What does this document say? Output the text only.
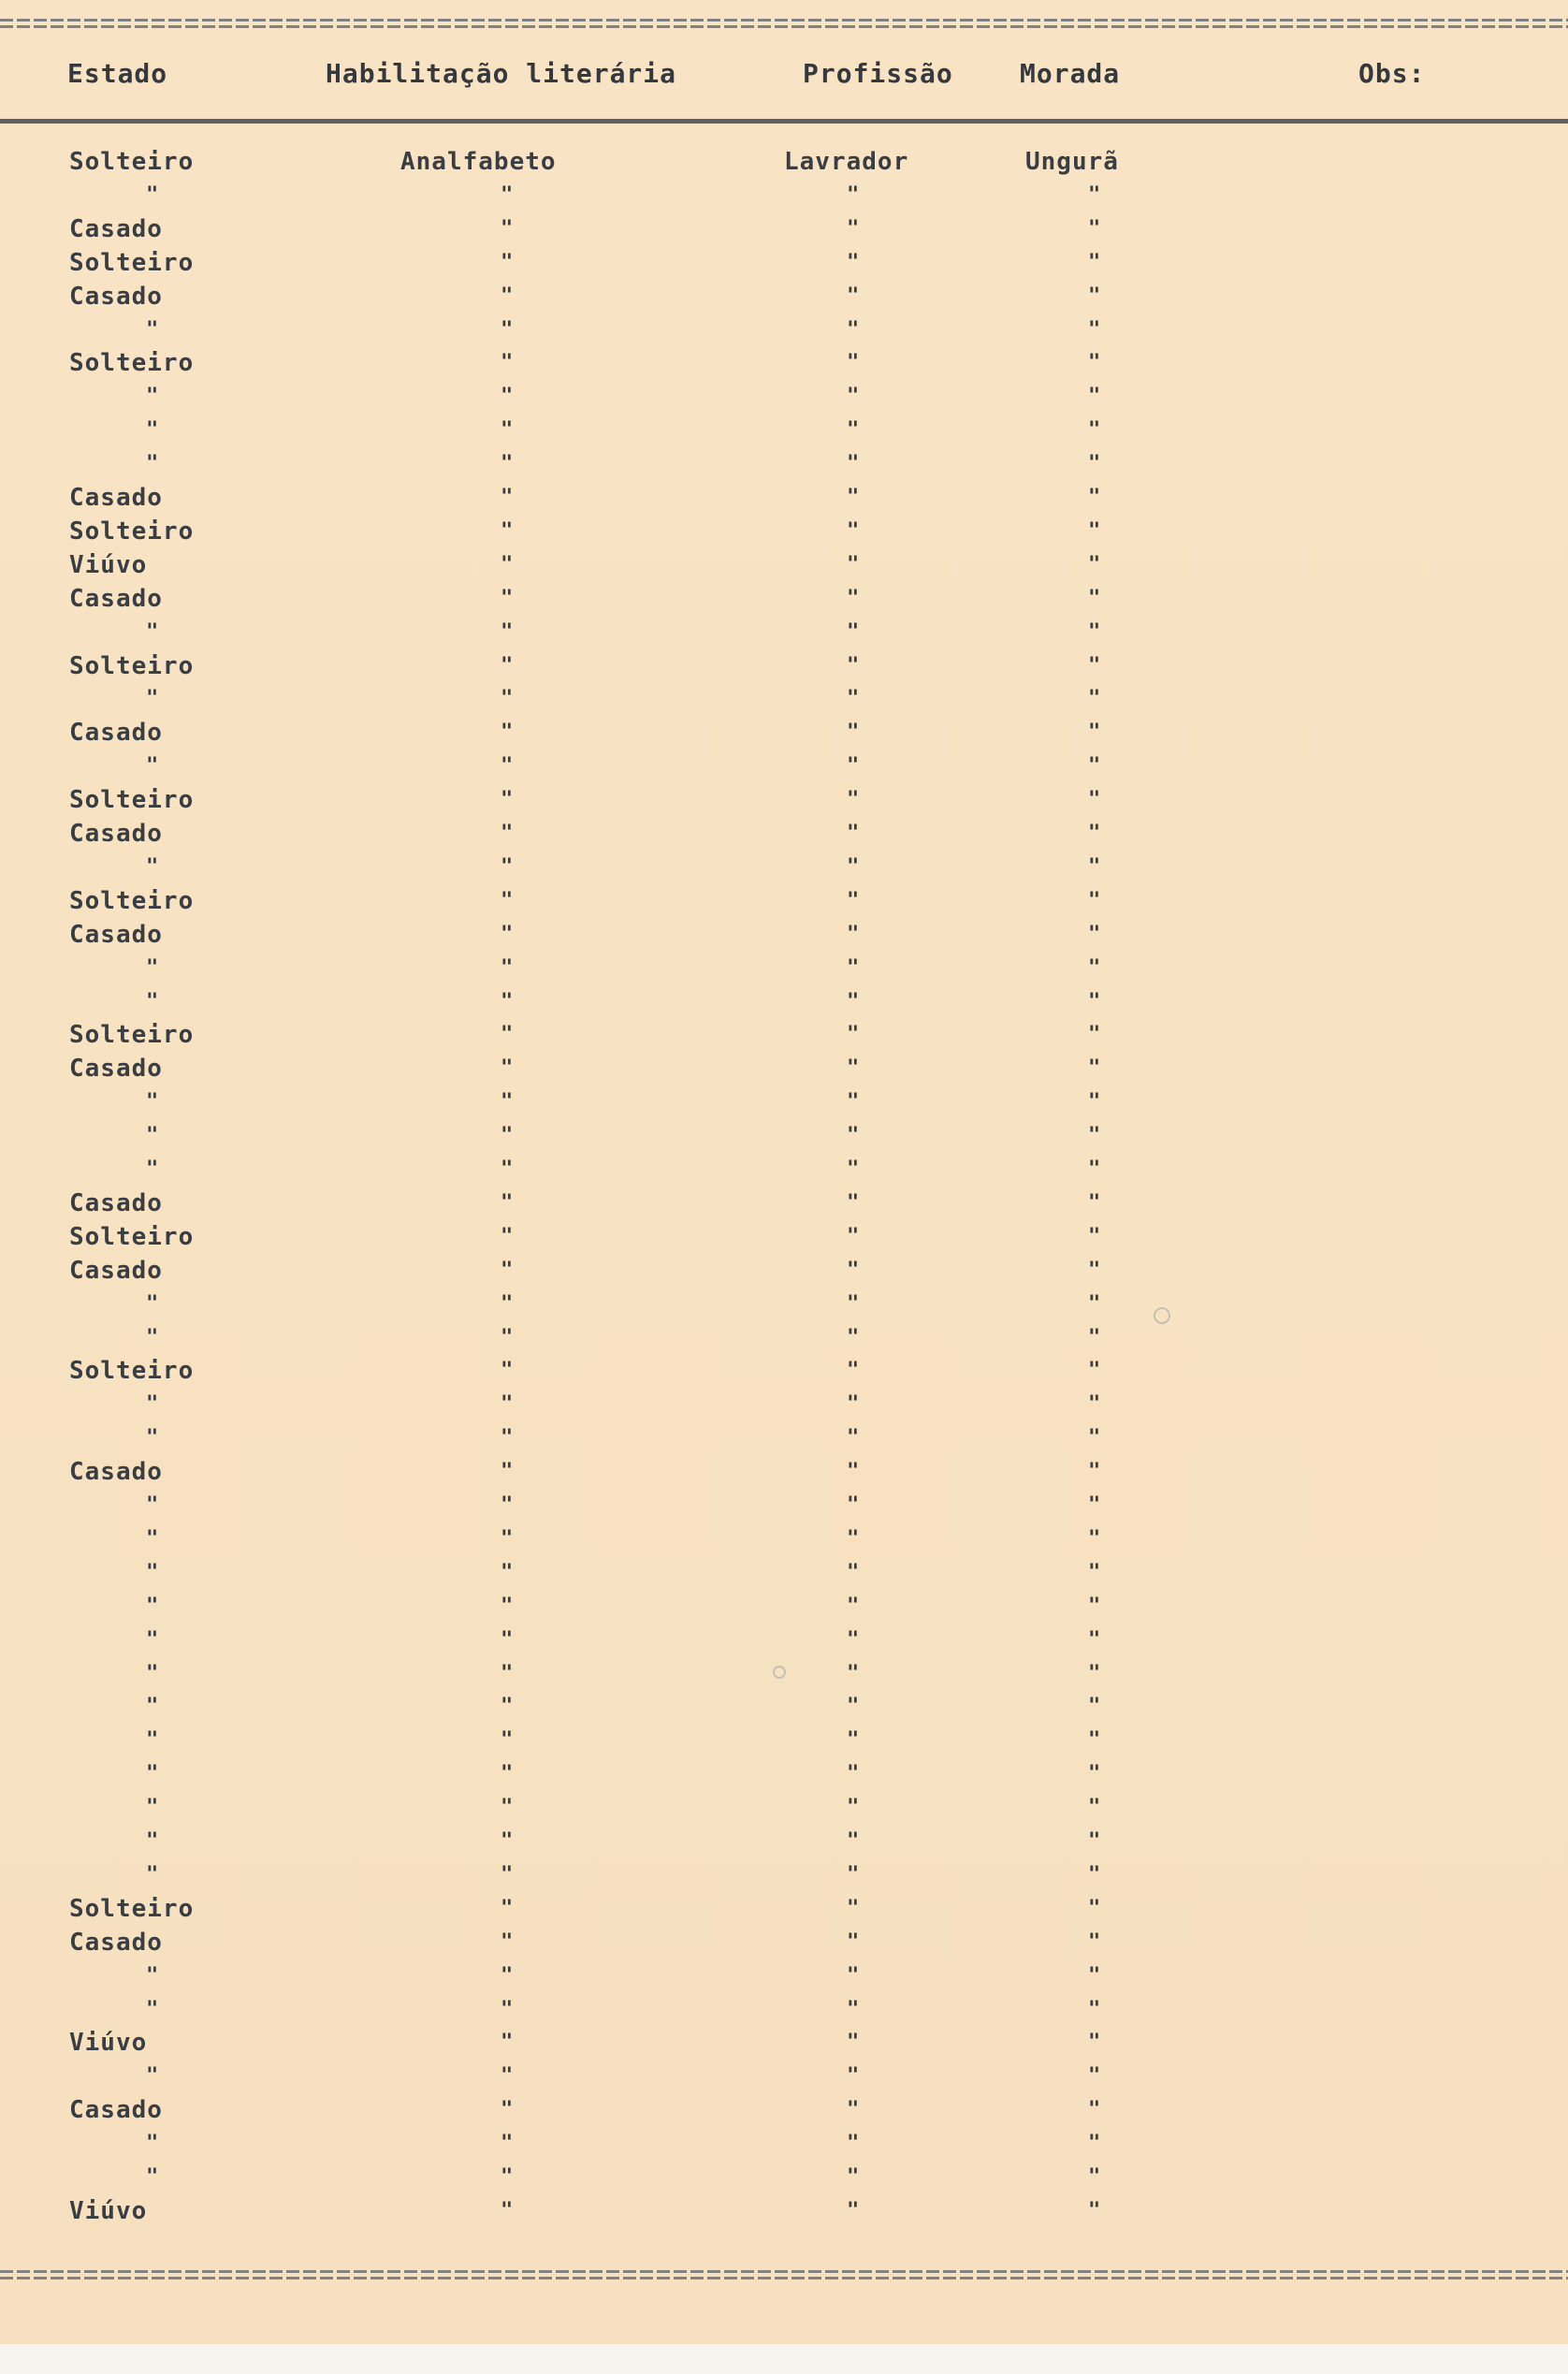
Estado	Habilitação literária	Profissão	Morada	Obs:
Solteiro	Analfabeto	Lavrador	Ungurã
"	"	"	"
Casado	"	"	"
Solteiro	"	"	"
Casado	"	"	"
"	"	"	"
Solteiro	"	"	"
"	"	"	"
"	"	"	"
"	"	"	"
Casado	"	"	"
Solteiro	"	"	"
Viúvo	"	"	"
Casado	"	"	"
"	"	"	"
Solteiro	"	"	"
"	"	"	"
Casado	"	"	"
"	"	"	"
Solteiro	"	"	"
Casado	"	"	"
"	"	"	"
Solteiro	"	"	"
Casado	"	"	"
"	"	"	"
"	"	"	"
Solteiro	"	"	"
Casado	"	"	"
"	"	"	"
"	"	"	"
"	"	"	"
Casado	"	"	"
Solteiro	"	"	"
Casado	"	"	"
"	"	"	"
"	"	"	"
Solteiro	"	"	"
"	"	"	"
"	"	"	"
Casado	"	"	"
"	"	"	"
"	"	"	"
"	"	"	"
"	"	"	"
"	"	"	"
"	"	"	"
"	"	"	"
"	"	"	"
"	"	"	"
"	"	"	"
"	"	"	"
"	"	"	"
Solteiro	"	"	"
Casado	"	"	"
"	"	"	"
"	"	"	"
Viúvo	"	"	"
"	"	"	"
Casado	"	"	"
"	"	"	"
"	"	"	"
Viúvo	"	"	"
